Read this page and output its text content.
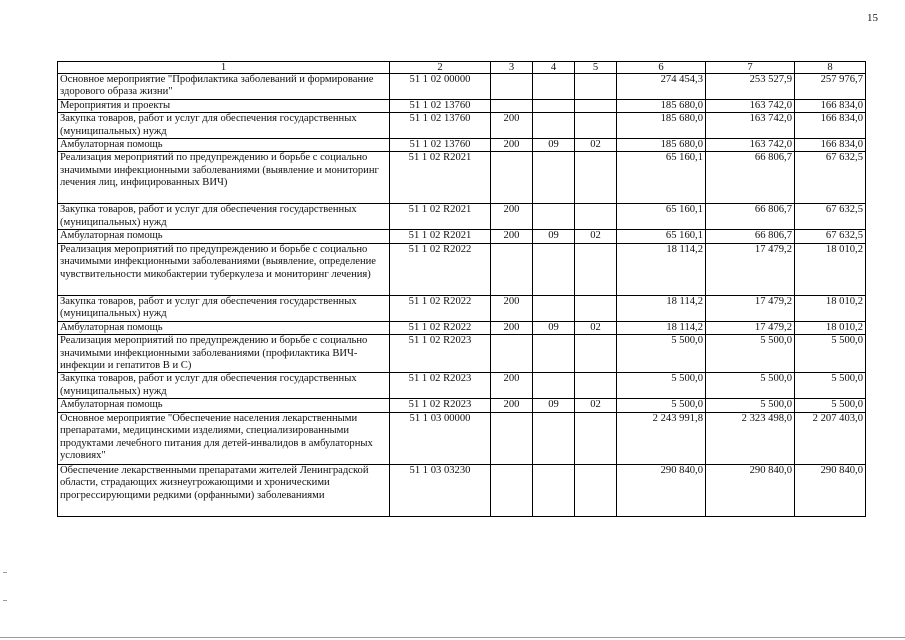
15
1	2	3	4	5	6	7	8
Основное мероприятие "Профилактика заболеваний и формирование здорового образа жизни"	51 1 02 00000				274 454,3	253 527,9	257 976,7
Мероприятия и проекты	51 1 02 13760				185 680,0	163 742,0	166 834,0
Закупка товаров, работ и услуг для обеспечения государственных (муниципальных) нужд	51 1 02 13760	200			185 680,0	163 742,0	166 834,0
Амбулаторная помощь	51 1 02 13760	200	09	02	185 680,0	163 742,0	166 834,0
Реализация мероприятий по предупреждению и борьбе с социально значимыми инфекционными заболеваниями (выявление и мониторинг лечения лиц, инфицированных ВИЧ)	51 1 02 R2021				65 160,1	66 806,7	67 632,5
Закупка товаров, работ и услуг для обеспечения государственных (муниципальных) нужд	51 1 02 R2021	200			65 160,1	66 806,7	67 632,5
Амбулаторная помощь	51 1 02 R2021	200	09	02	65 160,1	66 806,7	67 632,5
Реализация мероприятий по предупреждению и борьбе с социально значимыми инфекционными заболеваниями (выявление, определение чувствительности микобактерии туберкулеза и мониторинг лечения)	51 1 02 R2022				18 114,2	17 479,2	18 010,2
Закупка товаров, работ и услуг для обеспечения государственных (муниципальных) нужд	51 1 02 R2022	200			18 114,2	17 479,2	18 010,2
Амбулаторная помощь	51 1 02 R2022	200	09	02	18 114,2	17 479,2	18 010,2
Реализация мероприятий по предупреждению и борьбе с социально значимыми инфекционными заболеваниями (профилактика ВИЧ-инфекции и гепатитов В и С)	51 1 02 R2023				5 500,0	5 500,0	5 500,0
Закупка товаров, работ и услуг для обеспечения государственных (муниципальных) нужд	51 1 02 R2023	200			5 500,0	5 500,0	5 500,0
Амбулаторная помощь	51 1 02 R2023	200	09	02	5 500,0	5 500,0	5 500,0
Основное мероприятие "Обеспечение населения лекарственными препаратами, медицинскими изделиями, специализированными продуктами лечебного питания для детей-инвалидов в амбулаторных условиях"	51 1 03 00000				2 243 991,8	2 323 498,0	2 207 403,0
Обеспечение лекарственными препаратами жителей Ленинградской области, страдающих жизнеугрожающими и хроническими прогрессирующими редкими (орфанными) заболеваниями	51 1 03 03230				290 840,0	290 840,0	290 840,0
